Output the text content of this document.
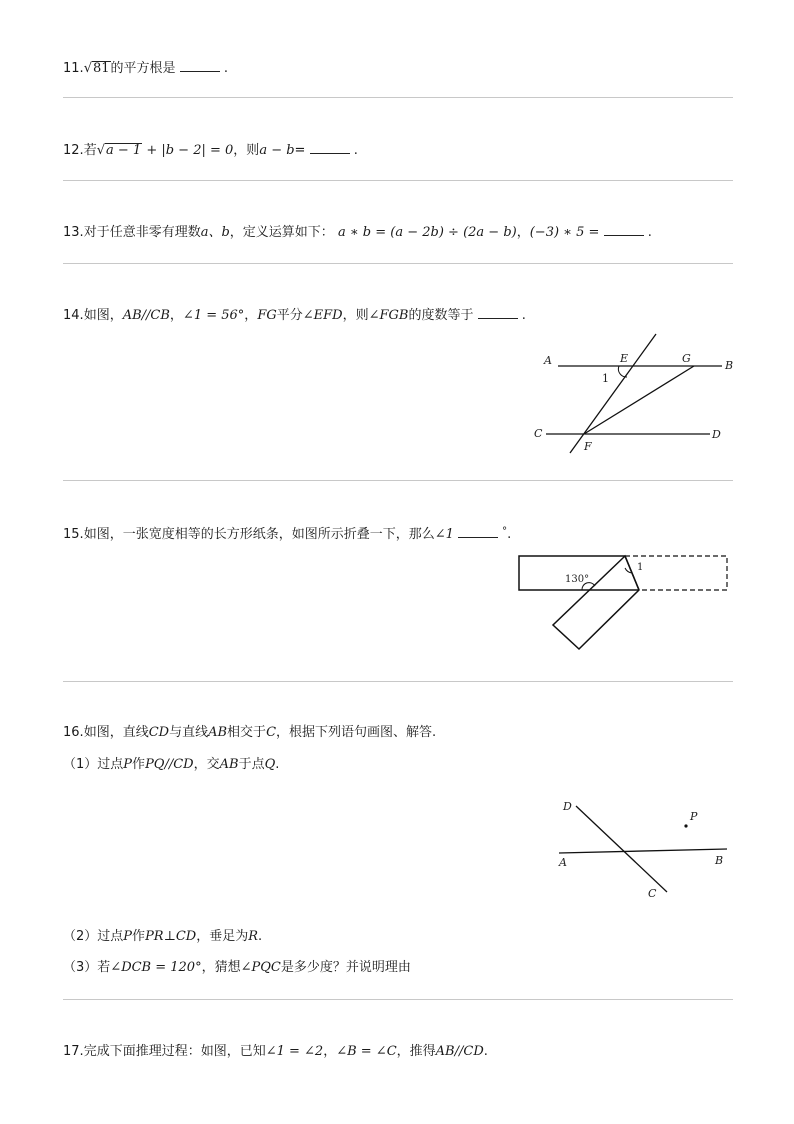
11.√81的平方根是	.
12.若√a − 1 + |b − 2| = 0，则a − b=	.
13.对于任意非零有理数a、b，定义运算如下： a ∗ b = (a − 2b) ÷ (2a − b)，(−3) ∗ 5 =	.
14.如图，AB//CB，∠1 = 56°，FG平分∠EFD，则∠FGB的度数等于	.
A	E	G
B
1
C	D
F
15.如图，一张宽度相等的长方形纸条，如图所示折叠一下，那么∠1	°.
130°
1
16.如图，直线CD与直线AB相交于C，根据下列语句画图、解答.
（1）过点P作PQ//CD，交AB于点Q.
D
P
A	B
C
（2）过点P作PR⊥CD，垂足为R.
（3）若∠DCB = 120°，猜想∠PQC是多少度？并说明理由
17.完成下面推理过程：如图，已知∠1 = ∠2，∠B = ∠C，推得AB//CD.
